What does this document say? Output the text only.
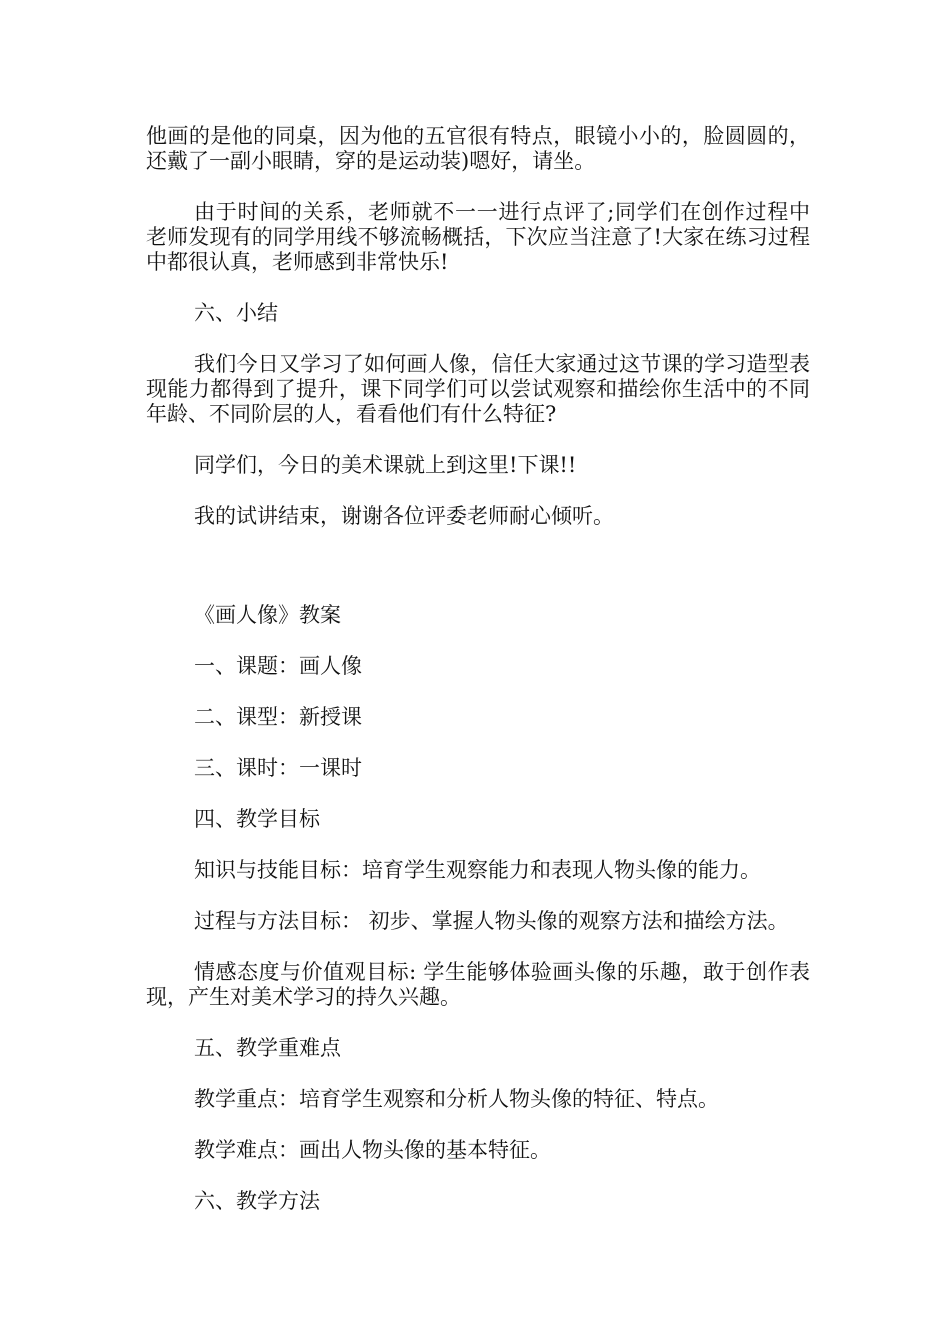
他画的是他的同桌，因为他的五官很有特点，眼镜小小的，脸圆圆的，还戴了一副小眼睛，穿的是运动装)嗯好，请坐。

由于时间的关系，老师就不一一进行点评了;同学们在创作过程中老师发现有的同学用线不够流畅概括，下次应当注意了!大家在练习过程中都很认真，老师感到非常快乐!

六、小结

我们今日又学习了如何画人像，信任大家通过这节课的学习造型表现能力都得到了提升，课下同学们可以尝试观察和描绘你生活中的不同年龄、不同阶层的人，看看他们有什么特征?

同学们，今日的美术课就上到这里!下课!!

我的试讲结束，谢谢各位评委老师耐心倾听。

《画人像》教案

一、课题：画人像

二、课型：新授课

三、课时：一课时

四、教学目标

知识与技能目标：培育学生观察能力和表现人物头像的能力。

过程与方法目标： 初步、掌握人物头像的观察方法和描绘方法。

情感态度与价值观目标: 学生能够体验画头像的乐趣，敢于创作表现，产生对美术学习的持久兴趣。

五、教学重难点

教学重点：培育学生观察和分析人物头像的特征、特点。

教学难点：画出人物头像的基本特征。

六、教学方法
